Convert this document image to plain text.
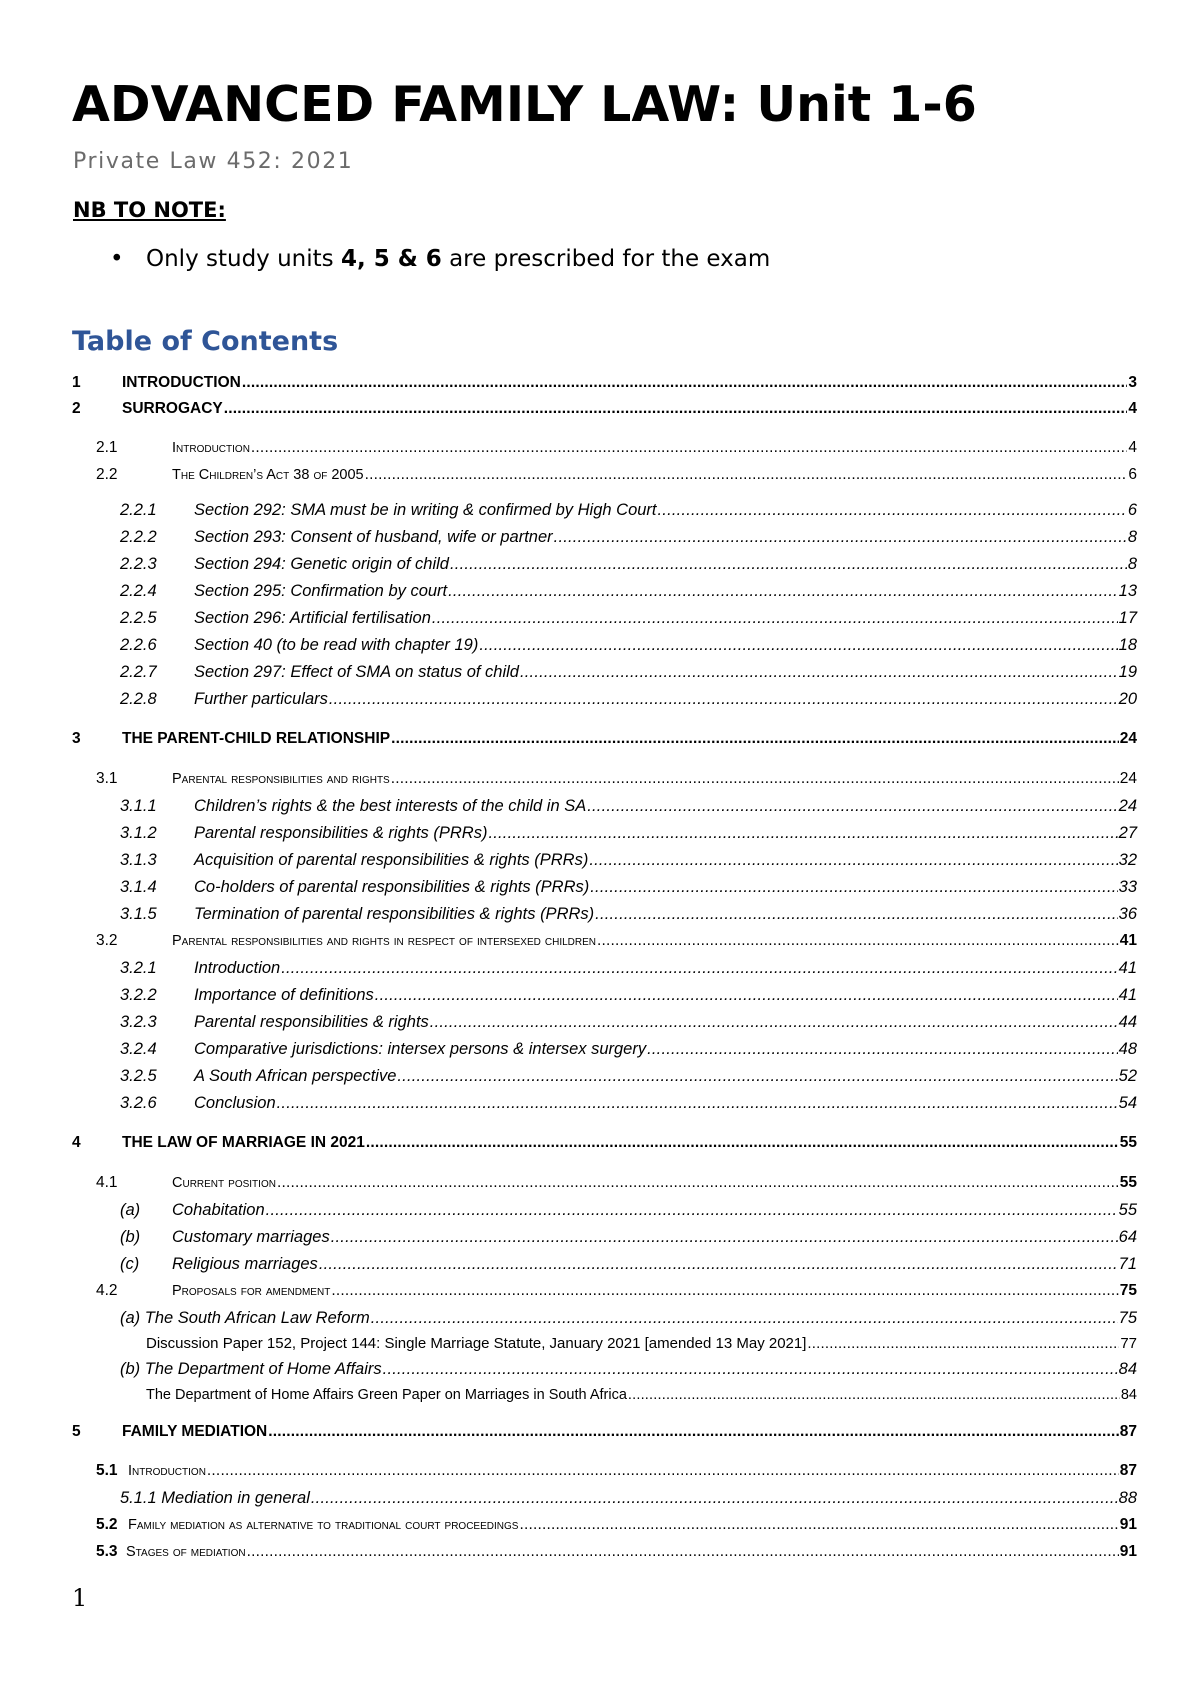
ADVANCED FAMILY LAW: Unit 1-6
Private Law 452: 2021
NB TO NOTE:
• Only study units 4, 5 & 6 are prescribed for the exam
Table of Contents
1	INTRODUCTION .....	3
2	SURROGACY .....	4
2.1	Introduction .....	4
2.2	The Children’s Act 38 of 2005 .....	6
2.2.1	Section 292: SMA must be in writing & confirmed by High Court .....	6
2.2.2	Section 293: Consent of husband, wife or partner .....	8
2.2.3	Section 294: Genetic origin of child .....	8
2.2.4	Section 295: Confirmation by court .....	13
2.2.5	Section 296: Artificial fertilisation .....	17
2.2.6	Section 40 (to be read with chapter 19) .....	18
2.2.7	Section 297: Effect of SMA on status of child .....	19
2.2.8	Further particulars .....	20
3	THE PARENT-CHILD RELATIONSHIP .....	24
3.1	Parental responsibilities and rights .....	24
3.1.1	Children’s rights & the best interests of the child in SA .....	24
3.1.2	Parental responsibilities & rights (PRRs) .....	27
3.1.3	Acquisition of parental responsibilities & rights (PRRs) .....	32
3.1.4	Co-holders of parental responsibilities & rights (PRRs) .....	33
3.1.5	Termination of parental responsibilities & rights (PRRs) .....	36
3.2	Parental responsibilities and rights in respect of intersexed children .....	41
3.2.1	Introduction .....	41
3.2.2	Importance of definitions .....	41
3.2.3	Parental responsibilities & rights .....	44
3.2.4	Comparative jurisdictions: intersex persons & intersex surgery .....	48
3.2.5	A South African perspective .....	52
3.2.6	Conclusion .....	54
4	THE LAW OF MARRIAGE IN 2021 .....	55
4.1	Current position .....	55
(a)	Cohabitation .....	55
(b)	Customary marriages .....	64
(c)	Religious marriages .....	71
4.2	Proposals for amendment .....	75
(a) The South African Law Reform .....	75
Discussion Paper 152, Project 144: Single Marriage Statute, January 2021 [amended 13 May 2021] .....	77
(b) The Department of Home Affairs .....	84
The Department of Home Affairs Green Paper on Marriages in South Africa .....	84
5	FAMILY MEDIATION .....	87
5.1 Introduction .....	87
5.1.1 Mediation in general .....	88
5.2 Family mediation as alternative to traditional court proceedings .....	91
5.3 Stages of mediation .....	91
1
